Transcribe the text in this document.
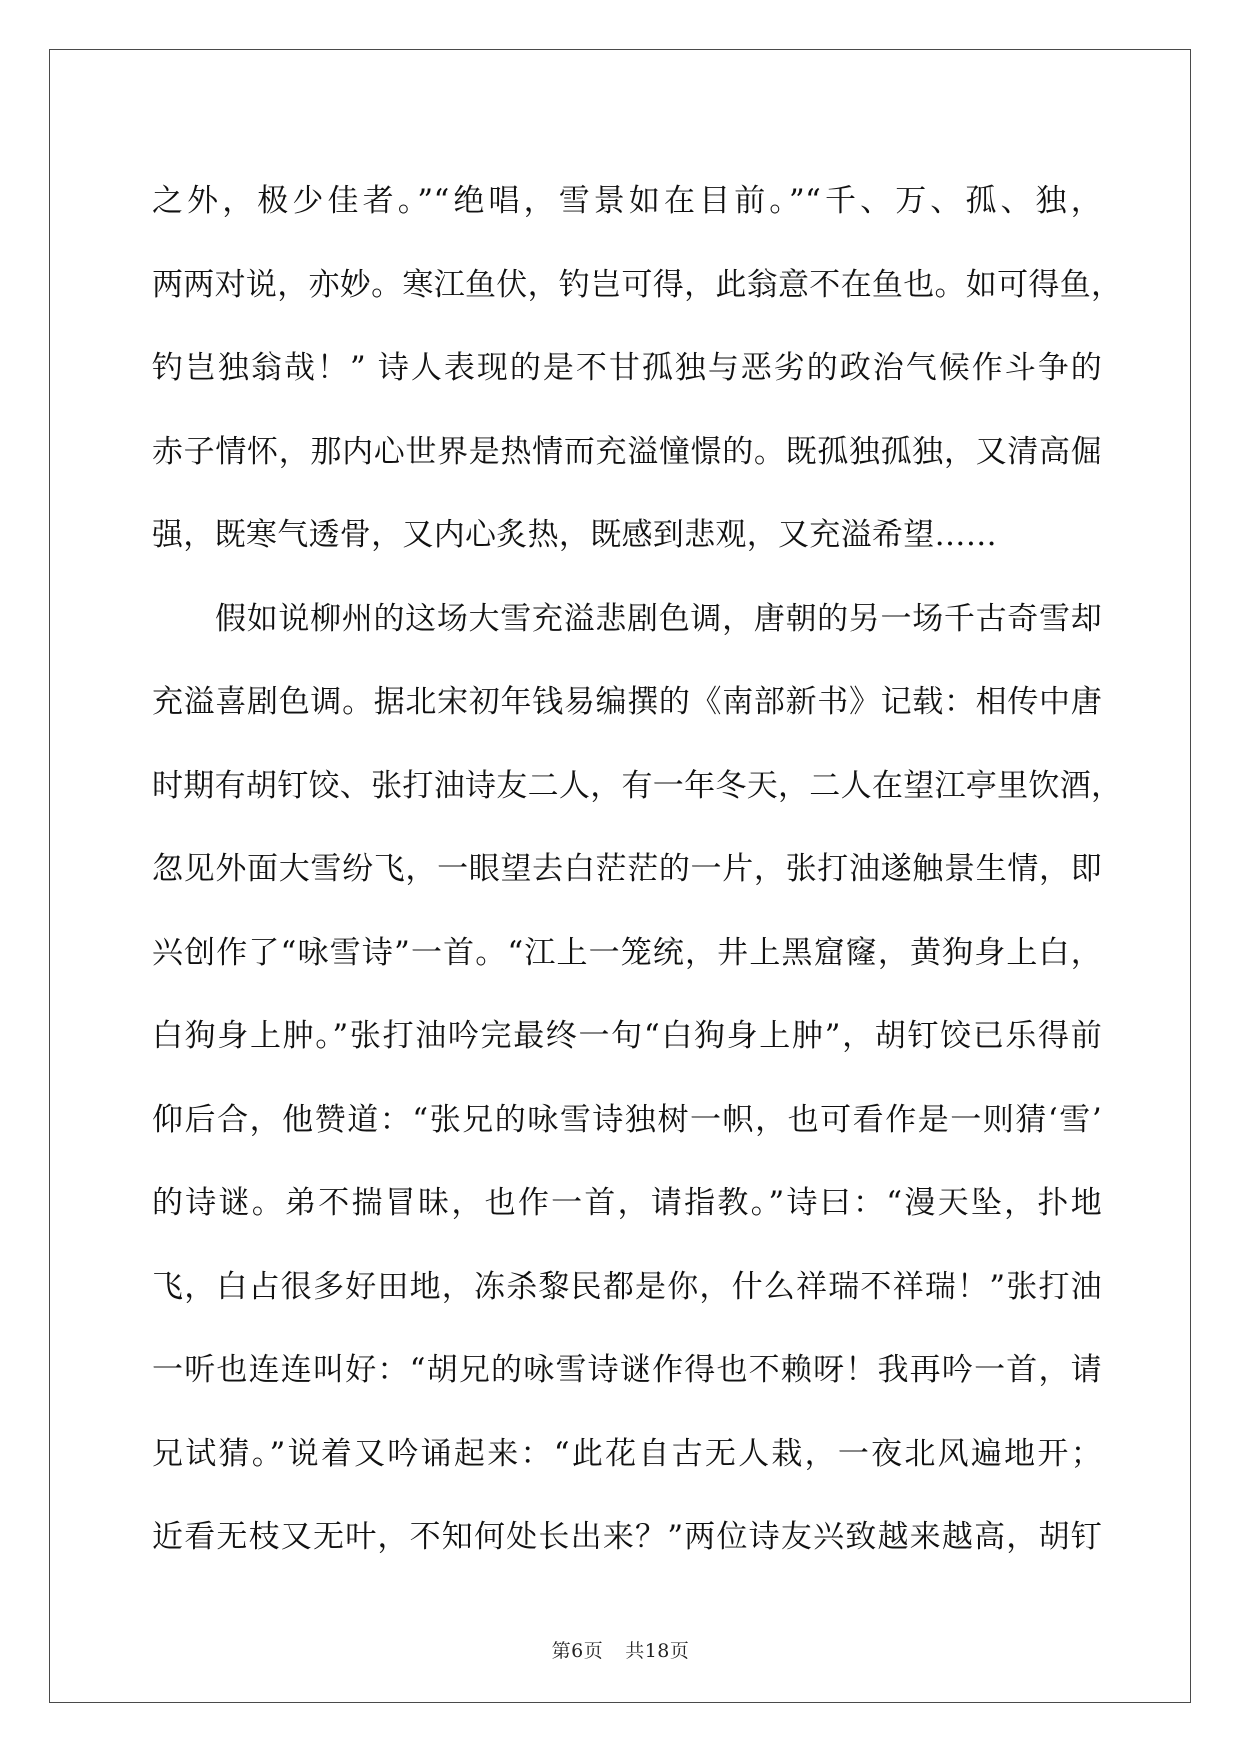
之外，极少佳者。”“绝唱，雪景如在目前。”“千、万、孤、独，
两两对说，亦妙。寒江鱼伏，钓岂可得，此翁意不在鱼也。如可得鱼，
钓岂独翁哉！” 诗人表现的是不甘孤独与恶劣的政治气候作斗争的
赤子情怀，那内心世界是热情而充溢憧憬的。既孤独孤独，又清高倔
强，既寒气透骨，又内心炙热，既感到悲观，又充溢希望……
假如说柳州的这场大雪充溢悲剧色调，唐朝的另一场千古奇雪却
充溢喜剧色调。据北宋初年钱易编撰的《南部新书》记载：相传中唐
时期有胡钉饺、张打油诗友二人，有一年冬天，二人在望江亭里饮酒，
忽见外面大雪纷飞，一眼望去白茫茫的一片，张打油遂触景生情，即
兴创作了“咏雪诗”一首。“江上一笼统，井上黑窟窿，黄狗身上白，
白狗身上肿。”张打油吟完最终一句“白狗身上肿”，胡钉饺已乐得前
仰后合，他赞道：“张兄的咏雪诗独树一帜，也可看作是一则猜‘雪’
的诗谜。弟不揣冒昧，也作一首，请指教。”诗曰：“漫天坠，扑地
飞，白占很多好田地，冻杀黎民都是你，什么祥瑞不祥瑞！”张打油
一听也连连叫好：“胡兄的咏雪诗谜作得也不赖呀！我再吟一首，请
兄试猜。”说着又吟诵起来：“此花自古无人栽，一夜北风遍地开；
近看无枝又无叶，不知何处长出来？”两位诗友兴致越来越高，胡钉
第6页 共18页
